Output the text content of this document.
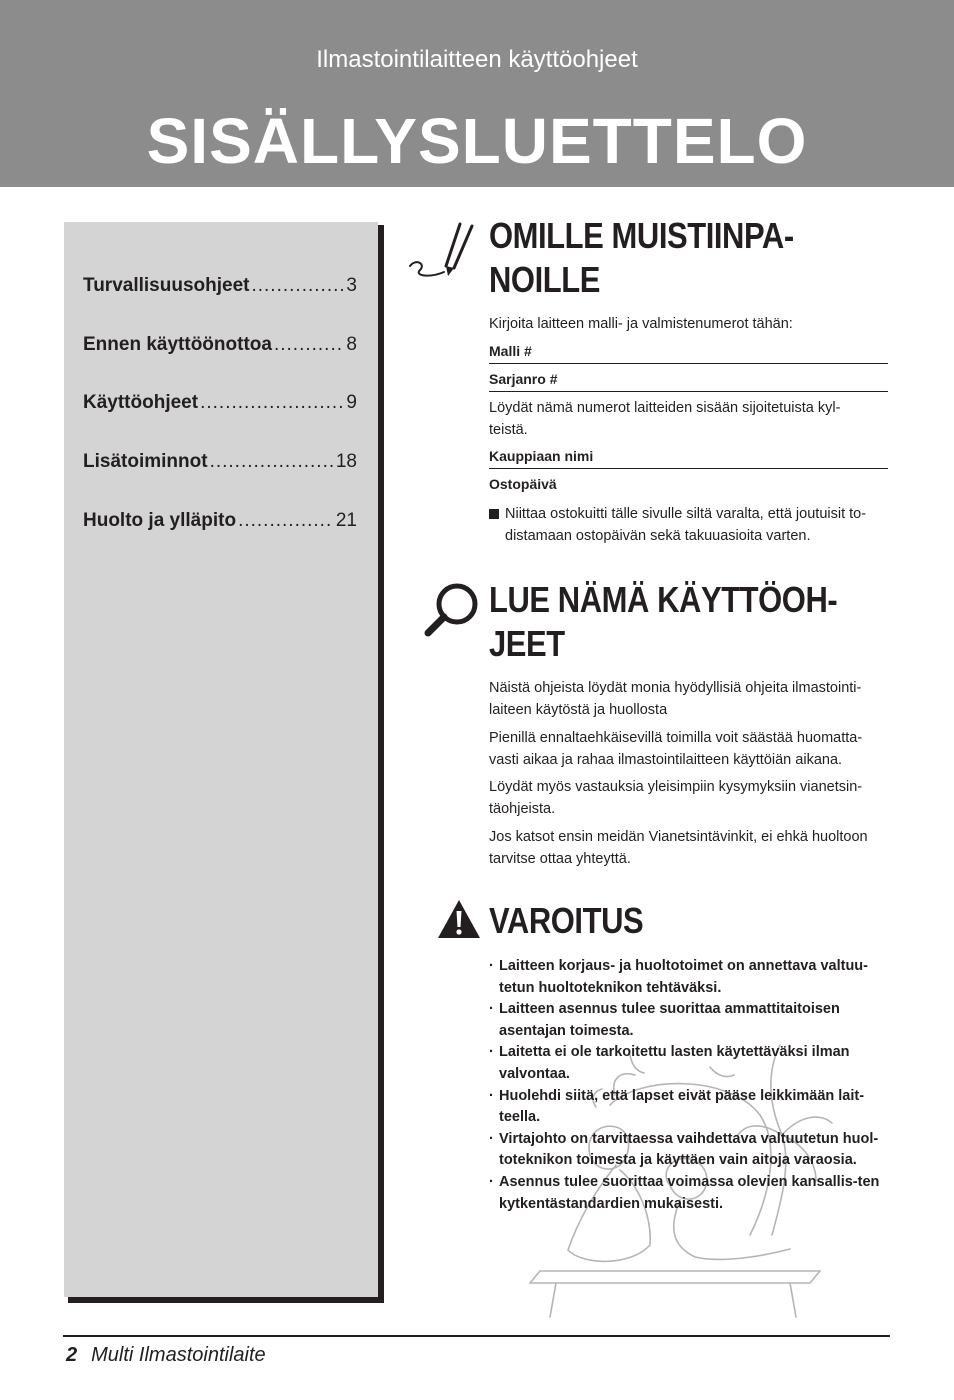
Ilmastointilaitteen käyttöohjeet
SISÄLLYSLUETTELO
Turvallisuusohjeet .....	3
Ennen käyttöönottoa .....	8
Käyttöohjeet .....	9
Lisätoiminnot .....	18
Huolto ja ylläpito .....	21
OMILLE MUISTIINPA-
NOILLE
Kirjoita laitteen malli- ja valmistenumerot tähän:
Malli #
Sarjanro #
Löydät nämä numerot laitteiden sisään sijoitetuista kyl-teistä.
Kauppiaan nimi
Ostopäivä
Niittaa ostokuitti tälle sivulle siltä varalta, että joutuisit to-distamaan ostopäivän sekä takuuasioita varten.
LUE NÄMÄ KÄYTTÖOH-
JEET
Näistä ohjeista löydät monia hyödyllisiä ohjeita ilmastointi-laiteen käytöstä ja huollosta
Pienillä ennaltaehkäisevillä toimilla voit säästää huomatta-vasti aikaa ja rahaa ilmastointilaitteen käyttöiän aikana.
Löydät myös vastauksia yleisimpiin kysymyksiin vianetsin-täohjeista.
Jos katsot ensin meidän Vianetsintävinkit, ei ehkä huoltoon tarvitse ottaa yhteyttä.
VAROITUS
· Laitteen korjaus- ja huoltotoimet on annettava valtuu-tetun huoltoteknikon tehtäväksi.
· Laitteen asennus tulee suorittaa ammattitaitoisen asentajan toimesta.
· Laitetta ei ole tarkoitettu lasten käytettäväksi ilman valvontaa.
· Huolehdi siitä, että lapset eivät pääse leikkimään lait-teella.
· Virtajohto on tarvittaessa vaihdettava valtuutetun huol-toteknikon toimesta ja käyttäen vain aitoja varaosia.
· Asennus tulee suorittaa voimassa olevien kansallis-ten kytkentästandardien mukaisesti.
2 Multi Ilmastointilaite
